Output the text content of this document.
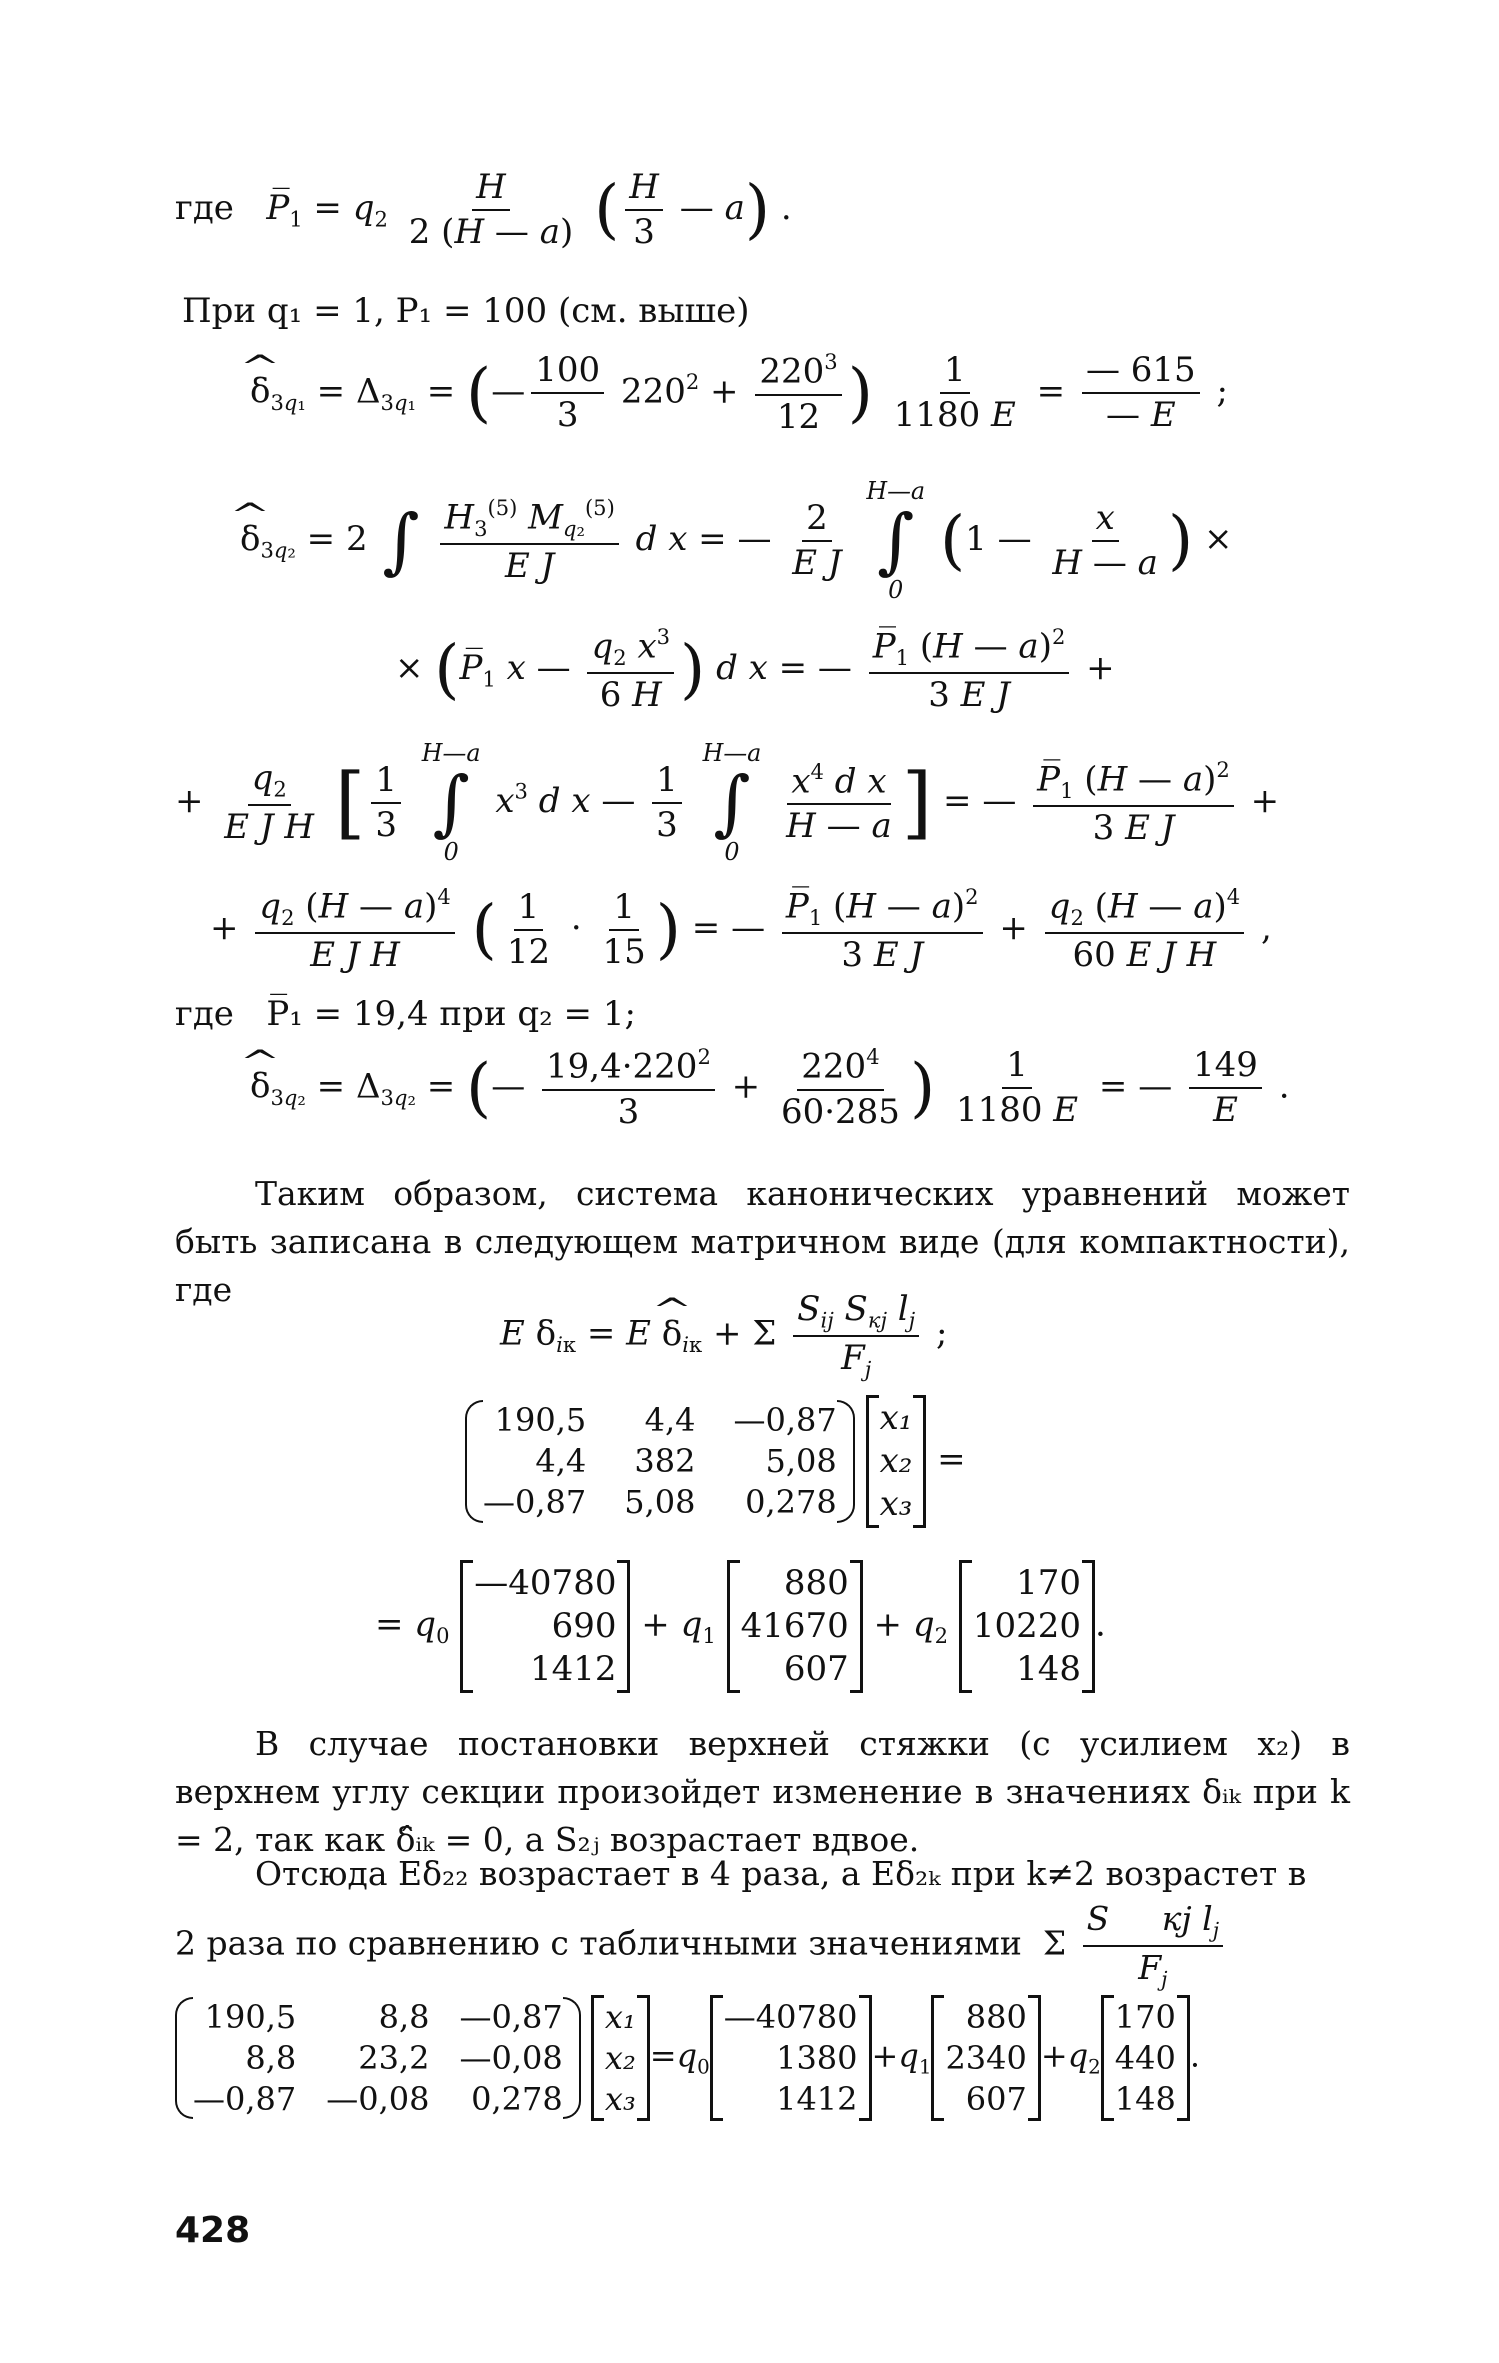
где $P̅_1 = q_2 \frac{H}{2 (H — a)}$ ( $\frac{H}{3}$ — a) .
При q₁ = 1, P₁ = 100 (см. выше)
^ $\delta_{3q_1} = \Delta_{3q_1}$ = (— $\frac{100}{3} 220^2 + \frac{220^3}{12}$ ) $\frac{1}{1180 E} = \frac{— 615}{— E}$ ;
^ $\delta_{3q_2} = 2$
∫

$\frac{H_3^{(5)} M_{q_2}^{(5)}}{\text{E J}}$ d x = — $\frac{2}{\text{E J}}$

H—a
∫
0
(1 — $\frac{x}{H — a}$ ) ×
× ($P̅_1$ x — $\frac{q_2 x^3}{6 H}$ ) d x = — $\frac{P̅_1 (H — a)^2}{\text{3 E J}}$ +
+ $\frac{q_2}{\text{E J H}}$ [ $\frac{1}{3}$

H—a
∫
0
$x^3$ d x — $\frac{1}{3}$

H—a
∫
0

$\frac{x^4 d x}{H — a}$ ] = — $\frac{P̅_1 (H — a)^2}{\text{3 E J}}$ +
+ $\frac{q_2 (H — a)^4}{\text{E J H}}$ ( $\frac{1}{12} \cdot \frac{1}{15}$ ) = — $\frac{P̅_1 (H — a)^2}{\text{3 E J}} + \frac{q_2 (H — a)^4}{\text{60 E J H}}$ ,
где P̅₁ = 19,4 при q₂ = 1;
^ $\delta_{3q_2} = \Delta_{3q_2}$ = (— $\frac{19,4\cdot 220^2}{3} + \frac{220^4}{60\cdot 285}$ ) $\frac{1}{1180 E}$ = — $\frac{149}{E}$ .
Таким образом, система канонических уравнений может быть записана в следующем матричном виде (для компактности), где
E $\delta_{iк} = E$ ^ $\delta_{iк} + \Sigma \frac{S_{ij} S_{кj} l_j}{F_j}$ ;
190,5	4,4 —0,87
4,4	382	5,08
—0,87 5,08	0,278

x₁
x₂
x₃
=
= $q_0$
—40780
690
1412
+ $q_1$
880
41670
607
+ $q_2$
170
10220
148
.
В случае постановки верхней стяжки (с усилием x₂) в верхнем углу секции произойдет изменение в значениях δᵢₖ при k = 2, так как δ̂ᵢₖ = 0, а S₂ⱼ возрастает вдвое.
Отсюда Eδ₂₂ возрастает в 4 раза, а Eδ₂ₖ при k≠2 возрастет в
2 раза по сравнению с табличными значениями  Σ $\frac{S кj l_j}{F_j}$
190,5	8,8 —0,87
8,8	23,2 —0,08
—0,87 —0,08	0,278

x₁
x₂
x₃
$=q_0$
—40780
1380
1412
$+q_1$
880
2340
607
$+q_2$
170
440
148
.
428
